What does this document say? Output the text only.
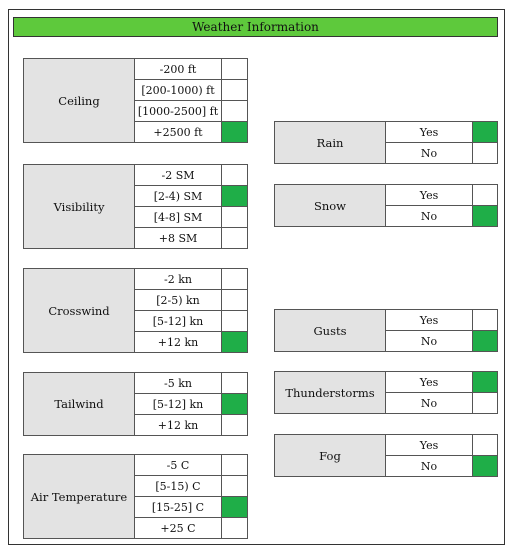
Weather Information
Ceiling
-200 ft
[200-1000) ft
[1000-2500] ft
+2500 ft
Visibility
-2 SM
[2-4) SM
[4-8] SM
+8 SM
Crosswind
-2 kn
[2-5) kn
[5-12] kn
+12 kn
Tailwind
-5 kn
[5-12] kn
+12 kn
Air Temperature
-5 C
[5-15) C
[15-25] C
+25 C
Rain
Yes
No
Snow
Yes
No
Gusts
Yes
No
Thunderstorms
Yes
No
Fog
Yes
No
